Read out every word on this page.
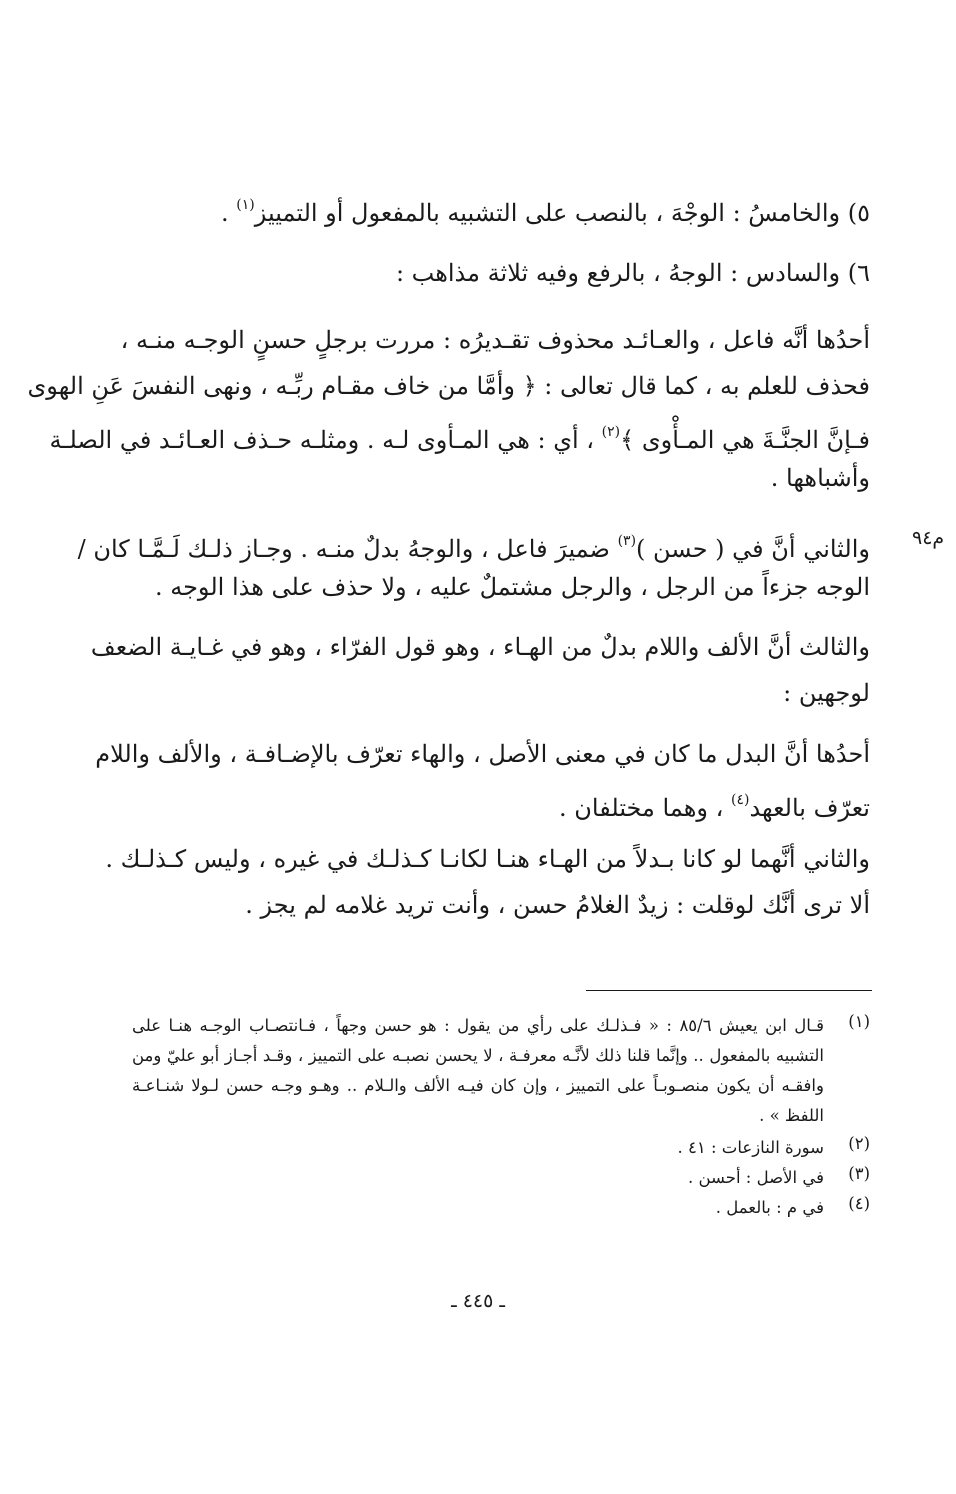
٥) والخامسُ : الوجْهَ ، بالنصب على التشبيه بالمفعول أو التمييز$^{(١)}$ .
٦) والسادس : الوجهُ ، بالرفع وفيه ثلاثة مذاهب :
أحدُها أنَّه فاعل ، والعـائـد محذوف تقـديرُه : مررت برجلٍ حسنٍ الوجـه منـه ،
فحذف للعلم به ، كما قال تعالى : ﴿ وأمَّا من خاف مقـام ربِّـه ، ونهى النفسَ عَنِ الهوى
فـإنَّ الجنَّـةَ هي المـأْوى ﴾$^{(٢)}$ ، أي : هي المـأوى لـه . ومثلـه حـذف العـائـد في الصلـة
وأشباهها .
م٩٤
والثاني أنَّ في ( حسن )$^{(٣)}$ ضميرَ فاعل ، والوجهُ بدلٌ منـه . وجـاز ذلـك لَـمَّـا كان /
الوجه جزءاً من الرجل ، والرجل مشتملٌ عليه ، ولا حذف على هذا الوجه .
والثالث أنَّ الألف واللام بدلٌ من الهـاء ، وهو قول الفرّاء ، وهو في غـايـة الضعف
لوجهين :
أحدُها أنَّ البدل ما كان في معنى الأصل ، والهاء تعرّف بالإضـافـة ، والألف واللام
تعرّف بالعهد$^{(٤)}$ ، وهما مختلفان .
والثاني أنَّهما لو كانا بـدلاً من الهـاء هنـا لكانـا كـذلـك في غيره ، وليس كـذلـك .
ألا ترى أنَّك لوقلت : زيدٌ الغلامُ حسن ، وأنت تريد غلامه لم يجز .
(١)
قـال ابن يعيش ٨٥/٦ : « فـذلـك على رأي من يقول : هو حسن وجهاً ، فـانتصـاب الوجـه هنـا على
التشبيه بالمفعول .. وإنَّما قلنا ذلك لأنَّـه معرفـة ، لا يحسن نصبـه على التمييز ، وقـد أجـاز أبو عليّ ومن
وافقـه أن يكون منصـوبـاً على التمييز ، وإن كان فيـه الألف والـلام .. وهـو وجـه حسن لـولا شنـاعـة
اللفظ » .
(٢)
سورة النازعات : ٤١ .
(٣)
في الأصل : أحسن .
(٤)
في م : بالعمل .
ـ ٤٤٥ ـ
